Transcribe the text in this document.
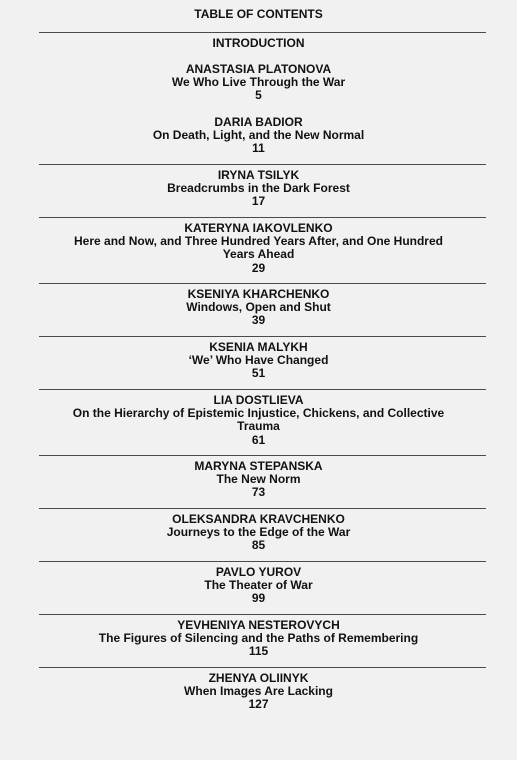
TABLE OF CONTENTS
INTRODUCTION
ANASTASIA PLATONOVA
We Who Live Through the War
5
DARIA BADIOR
On Death, Light, and the New Normal
11
IRYNA TSILYK
Breadcrumbs in the Dark Forest
17
KATERYNA IAKOVLENKO
Here and Now, and Three Hundred Years After, and One Hundred Years Ahead
29
KSENIYA KHARCHENKO
Windows, Open and Shut
39
KSENIA MALYKH
‘We’ Who Have Changed
51
LIA DOSTLIEVA
On the Hierarchy of Epistemic Injustice, Chickens, and Collective Trauma
61
MARYNA STEPANSKA
The New Norm
73
OLEKSANDRA KRAVCHENKO
Journeys to the Edge of the War
85
PAVLO YUROV
The Theater of War
99
YEVHENIYA NESTEROVYCH
The Figures of Silencing and the Paths of Remembering
115
ZHENYA OLIINYK
When Images Are Lacking
127
